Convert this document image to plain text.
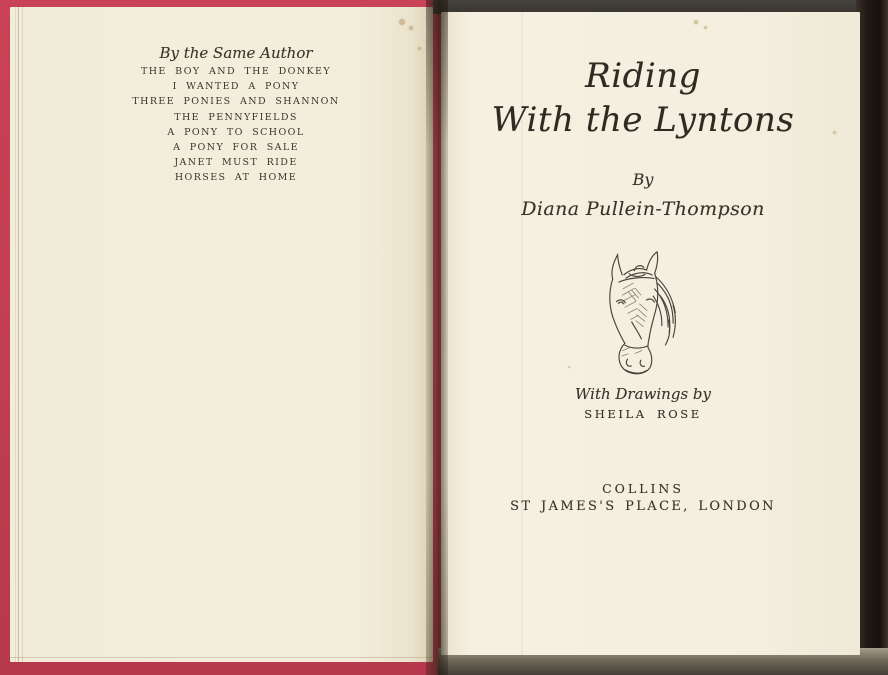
By the Same Author
THE BOY AND THE DONKEY
I WANTED A PONY
THREE PONIES AND SHANNON
THE PENNYFIELDS
A PONY TO SCHOOL
A PONY FOR SALE
JANET MUST RIDE
HORSES AT HOME
Riding
With the Lyntons
By
Diana Pullein-Thompson
With Drawings by
SHEILA ROSE
COLLINS
ST JAMES'S PLACE, LONDON
